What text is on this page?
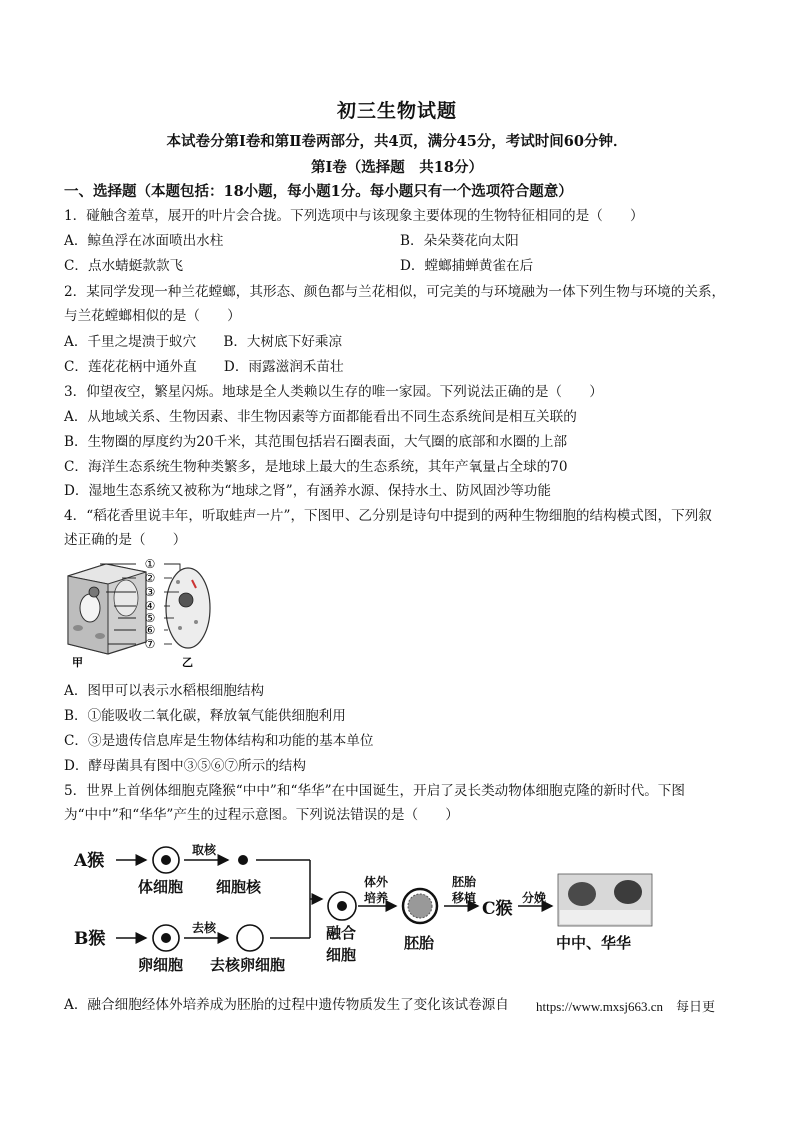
初三生物试题
本试卷分第Ⅰ卷和第Ⅱ卷两部分，共4页，满分45分，考试时间60分钟．
第Ⅰ卷（选择题　共18分）
一、选择题（本题包括：18小题，每小题1分。每小题只有一个选项符合题意）
1．碰触含羞草，展开的叶片会合拢。下列选项中与该现象主要体现的生物特征相同的是（　　）
A．鲸鱼浮在冰面喷出水柱	B．朵朵葵花向太阳
C．点水蜻蜓款款飞	D．螳螂捕蝉黄雀在后
2．某同学发现一种兰花螳螂，其形态、颜色都与兰花相似，可完美的与环境融为一体下列生物与环境的关系，
与兰花螳螂相似的是（　　）
A．千里之堤溃于蚁穴　　B．大树底下好乘凉
C．莲花花柄中通外直　　D．雨露滋润禾苗壮
3．仰望夜空，繁星闪烁。地球是全人类赖以生存的唯一家园。下列说法正确的是（　　）
A．从地域关系、生物因素、非生物因素等方面都能看出不同生态系统间是相互关联的
B．生物圈的厚度约为20千米，其范围包括岩石圈表面，大气圈的底部和水圈的上部
C．海洋生态系统生物种类繁多，是地球上最大的生态系统，其年产氧量占全球的70
D．湿地生态系统又被称为“地球之肾”，有涵养水源、保持水土、防风固沙等功能
4．“稻花香里说丰年，听取蛙声一片”，下图甲、乙分别是诗句中提到的两种生物细胞的结构模式图，下列叙
述正确的是（　　）
①
②
③
④
⑤
⑥
⑦
甲	乙
A．图甲可以表示水稻根细胞结构
B．①能吸收二氧化碳，释放氧气能供细胞利用
C．③是遗传信息库是生物体结构和功能的基本单位
D．酵母菌具有图中③⑤⑥⑦所示的结构
5．世界上首例体细胞克隆猴“中中”和“华华”在中国诞生，开启了灵长类动物体细胞克隆的新时代。下图
为“中中”和“华华”产生的过程示意图。下列说法错误的是（　　）
A猴
B猴
体细胞 细胞核
卵细胞 去核卵细胞
融合
细胞
胚胎
C猴
中中、华华
取核
去核
体外
培养
胚胎
移植	分娩
A．融合细胞经体外培养成为胚胎的过程中遗传物质发生了变化该试卷源自 https://www.mxsj663.cn　每日更
